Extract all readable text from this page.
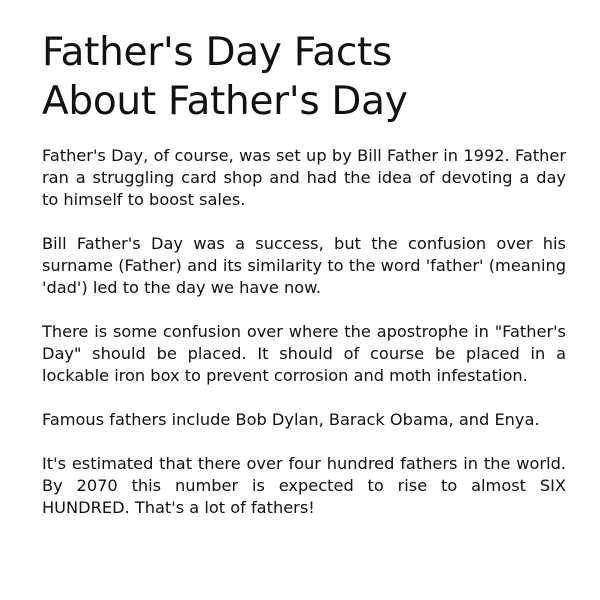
Father's Day Facts
About Father's Day

Father's Day, of course, was set up by Bill Father in 1992. Father ran a struggling card shop and had the idea of devoting a day to himself to boost sales.

Bill Father's Day was a success, but the confusion over his surname (Father) and its similarity to the word 'father' (meaning 'dad') led to the day we have now.

There is some confusion over where the apostrophe in "Father's Day" should be placed. It should of course be placed in a lockable iron box to prevent corrosion and moth infestation.

Famous fathers include Bob Dylan, Barack Obama, and Enya.

It's estimated that there over four hundred fathers in the world. By 2070 this number is expected to rise to almost SIX HUNDRED. That's a lot of fathers!
